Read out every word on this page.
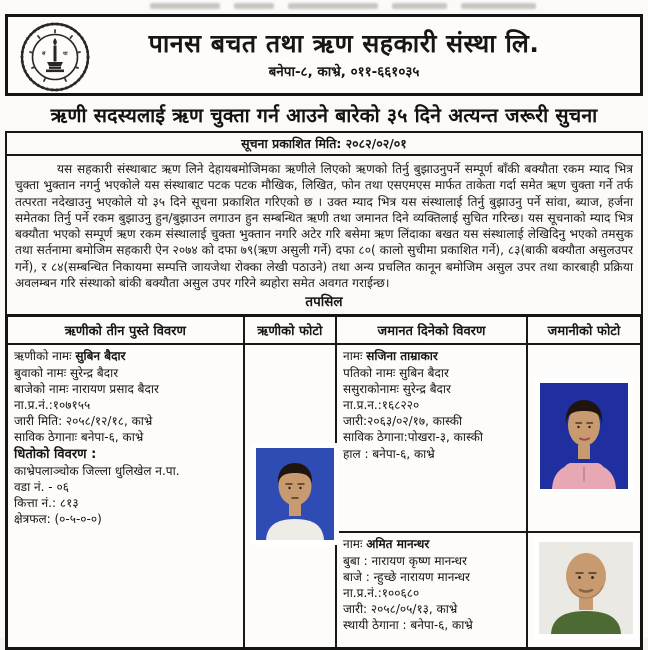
सं	था	पानस बचत तथा ऋण सहकारी संस्था लि.
बनेपा-८, काभ्रे, ०११-६६१०३५
ऋणी सदस्यलाई ऋण चुक्ता गर्न आउने बारेको ३५ दिने अत्यन्त जरूरी सुचना
सूचना प्रकाशित मिति: २०८२/०२/०१

यस सहकारी संस्थाबाट ऋण लिने देहायबमोजिमका ऋणीले लिएको ऋणको तिर्नु बुझाउनुपर्ने सम्पूर्ण बाँकी बक्यौता रकम म्याद भित्र चुक्ता भुक्तान नगर्नु भएकोले यस संस्थाबाट पटक पटक मौखिक, लिखित, फोन तथा एसएमएस मार्फत ताकेता गर्दा समेत ऋण चुक्ता गर्ने तर्फ तत्परता नदेखाउनु भएकोले यो ३५ दिने सूचना प्रकाशित गरिएको छ । उक्त म्याद भित्र यस संस्थालाई तिर्नु बुझाउनु पर्ने सांवा, ब्याज, हर्जना समेतका तिर्नु पर्ने रकम बुझाउनु हुन/बुझाउन लगाउन हुन सम्बन्धित ऋणी तथा जमानत दिने व्यक्तिलाई सुचित गरिन्छ। यस सूचनाको म्याद भित्र बक्यौता भएको सम्पूर्ण ऋण रकम संस्थालाई चुक्ता भुक्तान नगरि अटेर गरि बसेमा ऋण लिंदाका बखत यस संस्थालाई लेखिदिनु भएको तमसुक तथा सर्तनामा बमोजिम सहकारी ऐन २०७४ को दफा ७९(ऋण असुली गर्ने) दफा ८०( कालो सुचीमा प्रकाशित गर्ने), ८३(बाकी बक्यौता असुलउपर गर्ने), र ८४(सम्बन्धित निकायमा सम्पत्ति जायजेथा रोक्का लेखी पठाउने) तथा अन्य प्रचलित कानून बमोजिम असुल उपर तथा कारबाही प्रक्रिया अवलम्बन गरि संस्थाको बांकी बक्यौता असुल उपर गरिने ब्यहोरा समेत अवगत गराईन्छ।

तपसिल
ऋणीको तीन पुस्ते विवरण	ऋणीको फोटो	जमानत दिनेको विवरण	जमानीको फोटो

ऋणीको नामः सुबिन बैदार
बुवाको नामः सुरेन्द्र बैदार
बाजेको नामः नारायण प्रसाद बैदार
ना.प्र.नं.:१०७१५५
जारी मिति: २०५८/१२/१८, काभ्रे
साविक ठेगानाः बनेपा-६, काभ्रे
धितोको विवरण :
काभ्रेपलाञ्चोक जिल्ला धुलिखेल न.पा.
वडा नं. - ०६
कित्ता नं.: ८१३
क्षेत्रफल: (०-५-०-०)

नामः सजिना ताम्राकार
पतिको नामः सुबिन बैदार
ससुराकोनामः सुरेन्द्र बैदार
ना.प्र.न.:१६८२२०
जारी:२०६३/०२/१७, कास्की
साविक ठेगाना:पोखरा-३, कास्की
हाल : बनेपा-६, काभ्रे

नामः अमित मानन्धर
बुबा : नारायण कृष्ण मानन्धर
बाजे : न्हुच्छे नारायण मानन्धर
ना.प्र.नं.:१००६८०
जारी: २०५८/०५/१३, काभ्रे
स्थायी ठेगाना : बनेपा-६, काभ्रे
